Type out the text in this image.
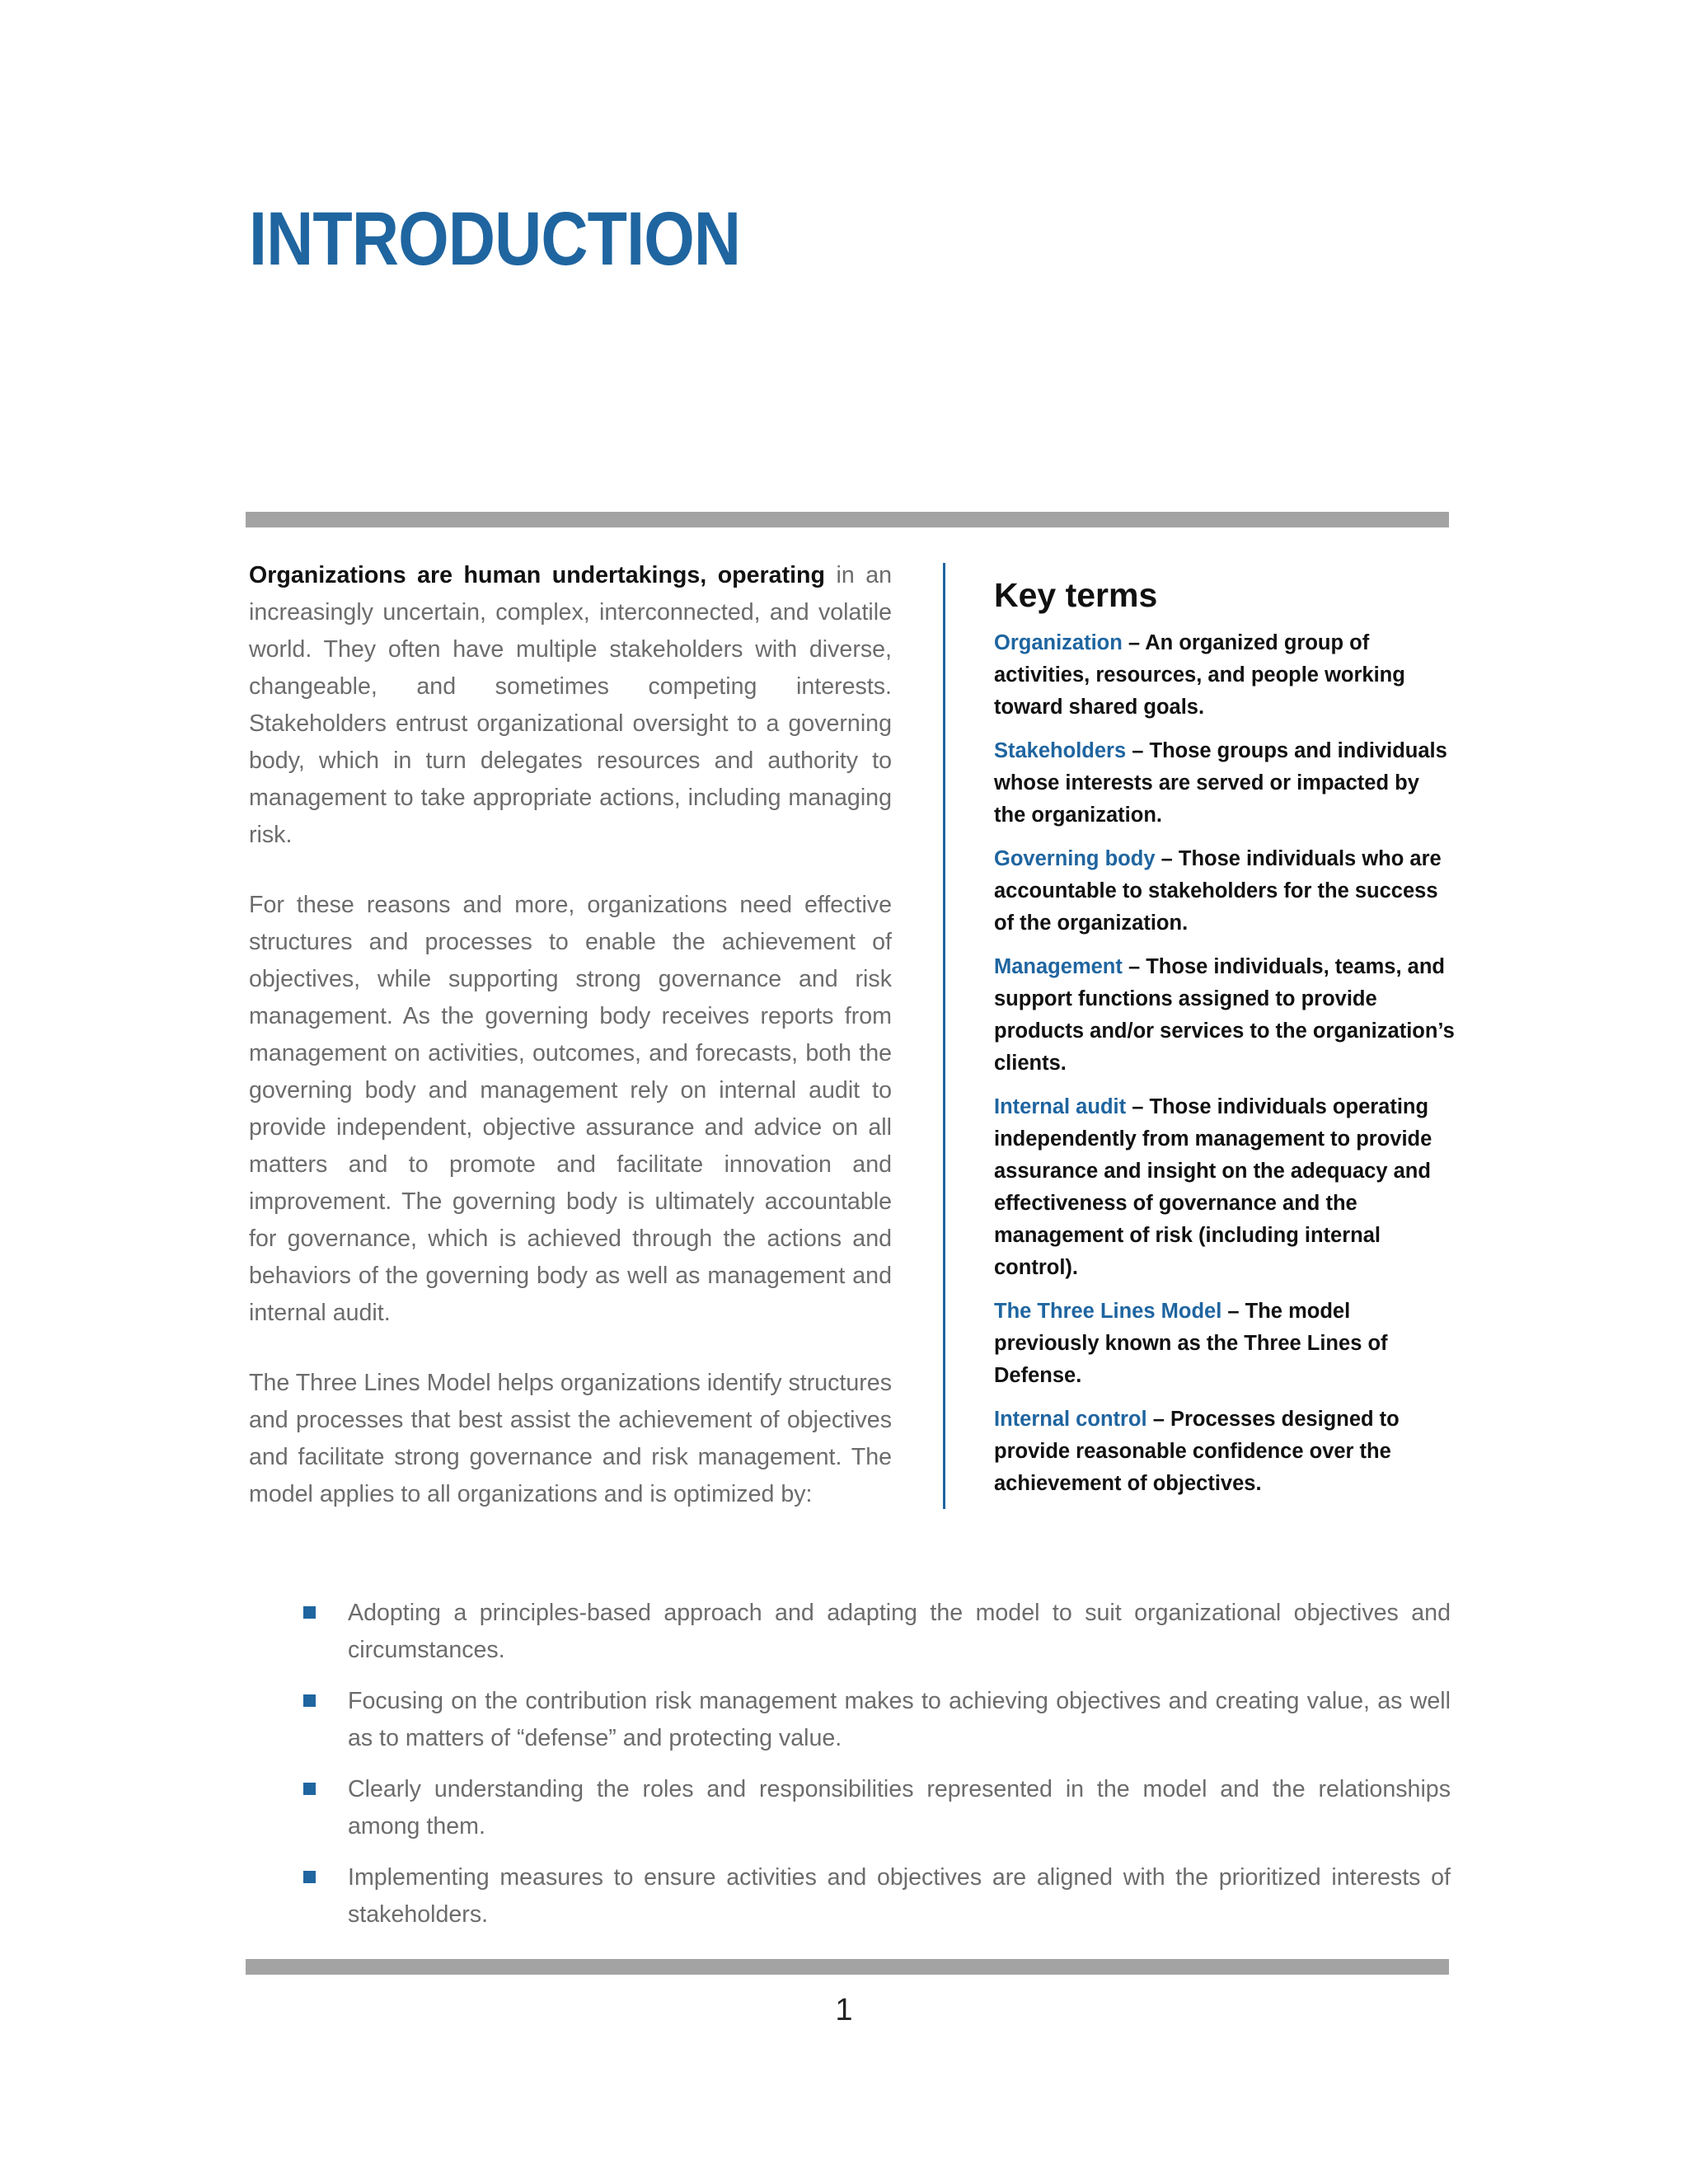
INTRODUCTION

Organizations are human undertakings, operating in an increasingly uncertain, complex, interconnected, and volatile world. They often have multiple stakeholders with diverse, changeable, and sometimes competing interests. Stakeholders entrust organizational oversight to a governing body, which in turn delegates resources and authority to management to take appropriate actions, including managing risk.

For these reasons and more, organizations need effective structures and processes to enable the achievement of objectives, while supporting strong governance and risk management. As the governing body receives reports from management on activities, outcomes, and forecasts, both the governing body and management rely on internal audit to provide independent, objective assurance and advice on all matters and to promote and facilitate innovation and improvement. The governing body is ultimately accountable for governance, which is achieved through the actions and behaviors of the governing body as well as management and internal audit.

The Three Lines Model helps organizations identify structures and processes that best assist the achievement of objectives and facilitate strong governance and risk management. The model applies to all organizations and is optimized by:

Key terms
Organization – An organized group of activities, resources, and people working toward shared goals.
Stakeholders – Those groups and individuals whose interests are served or impacted by the organization.
Governing body – Those individuals who are accountable to stakeholders for the success of the organization.
Management – Those individuals, teams, and support functions assigned to provide products and/or services to the organization’s clients.
Internal audit – Those individuals operating independently from management to provide assurance and insight on the adequacy and effectiveness of governance and the management of risk (including internal control).
The Three Lines Model – The model previously known as the Three Lines of Defense.
Internal control – Processes designed to provide reasonable confidence over the achievement of objectives.
Adopting a principles-based approach and adapting the model to suit organizational objectives and circumstances.
Focusing on the contribution risk management makes to achieving objectives and creating value, as well as to matters of “defense” and protecting value.
Clearly understanding the roles and responsibilities represented in the model and the relationships among them.
Implementing measures to ensure activities and objectives are aligned with the prioritized interests of stakeholders.
1
